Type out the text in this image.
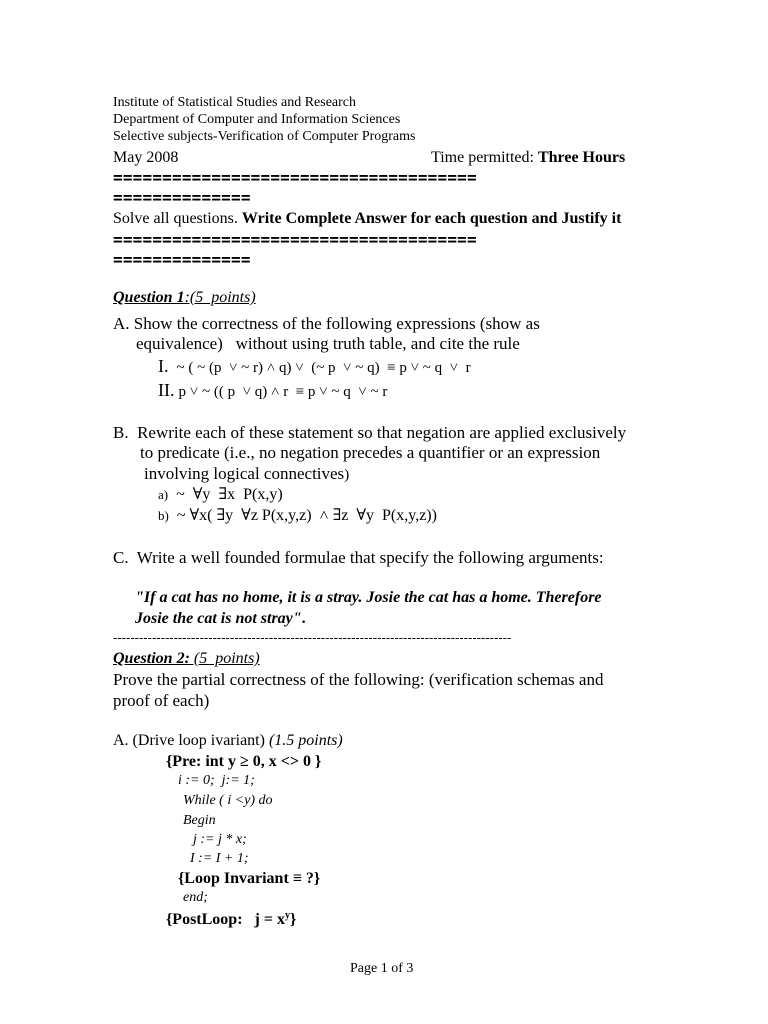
Institute of Statistical Studies and Research
Department of Computer and Information Sciences
Selective subjects-Verification of Computer Programs
May 2008	Time permitted: Three Hours
=====================================
==============
Solve all questions. Write Complete Answer for each question and Justify it
=====================================
==============
Question 1:(5  points)
A. Show the correctness of the following expressions (show as
equivalence)   without using truth table, and cite the rule
I. ~ ( ~ (p  ˅ ~ r) ˄ q) ˅  (~ p  ˅ ~ q)  ≡ p ˅ ~ q  ˅  r
II. p ˅ ~ (( p  ˅ q) ˄ r  ≡ p ˅ ~ q  ˅ ~ r
B.  Rewrite each of these statement so that negation are applied exclusively
to predicate (i.e., no negation precedes a quantifier or an expression
involving logical connectives)
a) ~  ∀y  ∃x  P(x,y)
b) ~ ∀x( ∃y  ∀z P(x,y,z)  ˄ ∃z  ∀y  P(x,y,z))
C.  Write a well founded formulae that specify the following arguments:
"If a cat has no home, it is a stray. Josie the cat has a home. Therefore
Josie the cat is not stray".
--------------------------------------------------------------------------------------------
Question 2: (5  points)
Prove the partial correctness of the following: (verification schemas and
proof of each)
A. (Drive loop ivariant) (1.5 points)
{Pre: int y ≥ 0, x <> 0 }
i := 0;  j:= 1;
While ( i <y) do
Begin
j := j * x;
I := I + 1;
{Loop Invariant ≡ ?}
end;
{PostLoop:   $j = x^y$}
Page 1 of 3
